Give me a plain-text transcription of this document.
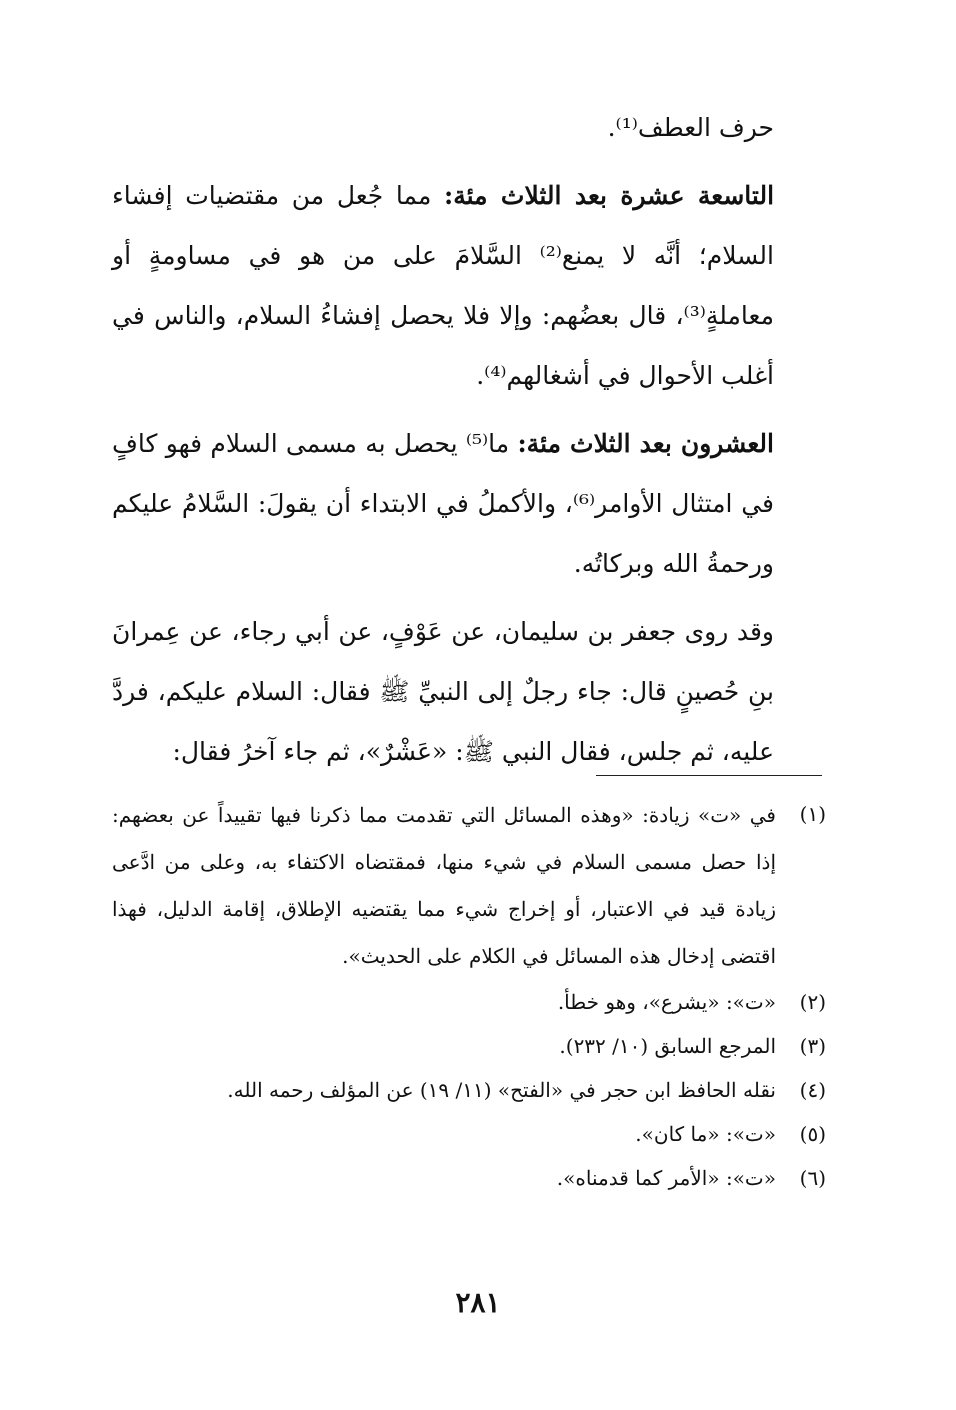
حرف العطف⁽¹⁾.

التاسعة عشرة بعد الثلاث مئة: مما جُعل من مقتضيات إفشاء السلام؛ أنَّه لا يمنع⁽²⁾ السَّلامَ على من هو في مساومةٍ أو معاملةٍ⁽³⁾، قال بعضُهم: وإلا فلا يحصل إفشاءُ السلام، والناس في أغلب الأحوال في أشغالهم⁽⁴⁾.

العشرون بعد الثلاث مئة: ما⁽⁵⁾ يحصل به مسمى السلام فهو كافٍ في امتثال الأوامر⁽⁶⁾، والأكملُ في الابتداء أن يقولَ: السَّلامُ عليكم ورحمةُ الله وبركاتُه.

وقد روى جعفر بن سليمان، عن عَوْفٍ، عن أبي رجاء، عن عِمرانَ بنِ حُصينٍ قال: جاء رجلٌ إلى النبيِّ ﷺ فقال: السلام عليكم، فردَّ عليه، ثم جلس، فقال النبي ﷺ: «عَشْرٌ»، ثم جاء آخرُ فقال:

(١)
في «ت» زيادة: «وهذه المسائل التي تقدمت مما ذكرنا فيها تقييداً عن بعضهم: إذا حصل مسمى السلام في شيء منها، فمقتضاه الاكتفاء به، وعلى من ادَّعى زيادة قيد في الاعتبار، أو إخراج شيء مما يقتضيه الإطلاق، إقامة الدليل، فهذا اقتضى إدخال هذه المسائل في الكلام على الحديث».
(٢)
«ت»: «يشرع»، وهو خطأ.
(٣)
المرجع السابق (١٠/ ٢٣٢).
(٤)
نقله الحافظ ابن حجر في «الفتح» (١١/ ١٩) عن المؤلف رحمه الله.
(٥)
«ت»: «ما كان».
(٦)
«ت»: «الأمر كما قدمناه».
٢٨١
